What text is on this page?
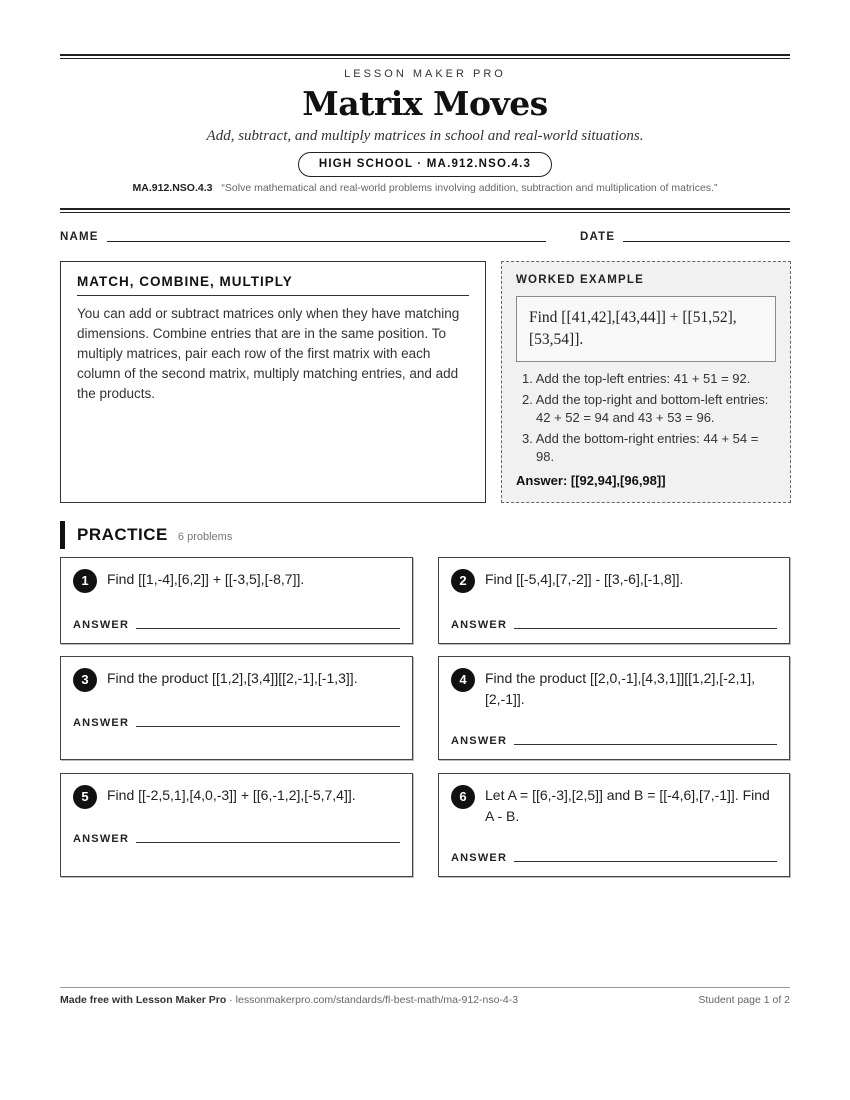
LESSON MAKER PRO
Matrix Moves
Add, subtract, and multiply matrices in school and real-world situations.
HIGH SCHOOL · MA.912.NSO.4.3
MA.912.NSO.4.3 “Solve mathematical and real-world problems involving addition, subtraction and multiplication of matrices.”
NAME	DATE
MATCH, COMBINE, MULTIPLY

You can add or subtract matrices only when they have matching dimensions. Combine entries that are in the same position. To multiply matrices, pair each row of the first matrix with each column of the second matrix, multiply matching entries, and add the products.

WORKED EXAMPLE
Find [[41,42],[43,44]] + [[51,52],[53,54]].
1. Add the top-left entries: 41 + 51 = 92.
2. Add the top-right and bottom-left entries: 42 + 52 = 94 and 43 + 53 = 96.
3. Add the bottom-right entries: 44 + 54 = 98.
Answer: [[92,94],[96,98]]
PRACTICE 6 problems
1	Find [[1,-4],[6,2]] + [[-3,5],[-8,7]].
ANSWER
2	Find [[-5,4],[7,-2]] - [[3,-6],[-1,8]].
ANSWER
3	Find the product [[1,2],[3,4]][[2,-1],[-1,3]].
ANSWER
4	Find the product [[2,0,-1],[4,3,1]][[1,2],[-2,1],[2,-1]].
ANSWER
5	Find [[-2,5,1],[4,0,-3]] + [[6,-1,2],[-5,7,4]].
ANSWER
6	Let A = [[6,-3],[2,5]] and B = [[-4,6],[7,-1]]. Find A - B.
ANSWER
Made free with Lesson Maker Pro · lessonmakerpro.com/standards/fl-best-math/ma-912-nso-4-3	Student page 1 of 2
